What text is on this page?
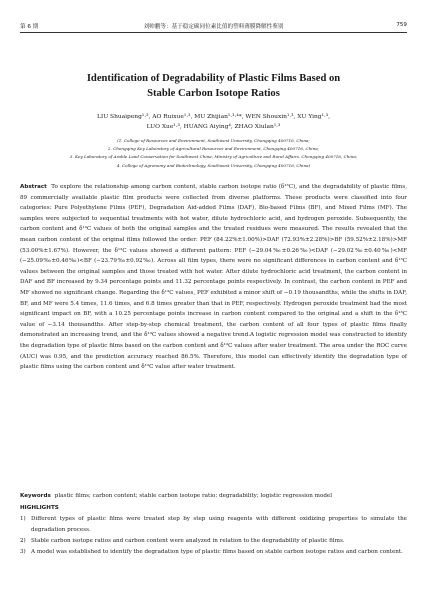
第 6 期	刘帅鹏等：基于稳定碳同位素比值的塑料薄膜降解性鉴别	759
Identification of Degradability of Plastic Films Based on
Stable Carbon Isotope Ratios
LIU Shuaipeng¹·³, AO Ruixue¹·³, MU Zhijian¹·³·⁴*, WEN Shouxin¹·³, XU Ying¹·³,
LUO Xue¹·³, HUANG Aiying⁴, ZHAO Xiulan¹·³
(1. College of Resources and Environment, Southwest University, Chongqing 400716, China;
2. Chongqing Key Laboratory of Agricultural Resources and Environment, Chongqing 400716, China;
3. Key Laboratory of Arable Land Conservation for Southwest China, Ministry of Agriculture and Rural Affairs, Chongqing 400716, China;
4. College of Agronomy and Biotechnology, Southwest University, Chongqing 400716, China)
Abstract To explore the relationship among carbon content, stable carbon isotope ratio (δ¹³C), and the degradability of plastic films, 89 commercially available plastic film products were collected from diverse platforms. These products were classified into four categories: Pure Polyethylene Films (PEF), Degradation Aid-added Films (DAF), Bio-based Films (BF), and Mixed Films (MF). The samples were subjected to sequential treatments with hot water, dilute hydrochloric acid, and hydrogen peroxide. Subsequently, the carbon content and δ¹³C values of both the original samples and the treated residues were measured. The results revealed that the mean carbon content of the original films followed the order: PEF (84.22%±1.00%)>DAF (72.93%±2.28%)>BF (59.52%±2.18%)>MF (53.00%±1.67%). However, the δ¹³C values showed a different pattern: PEF (−29.04‰±0.26‰)<DAF (−29.02‰±0.40‰)<MF (−25.09‰±0.46‰)<BF (−23.79‰±0.92‰). Across all film types, there were no significant differences in carbon content and δ¹³C values between the original samples and those treated with hot water. After dilute hydrochloric acid treatment, the carbon content in DAF and BF increased by 9.34 percentage points and 11.32 percentage points respectively. In contrast, the carbon content in PEF and MF showed no significant change. Regarding the δ¹³C values, PEF exhibited a minor shift of −0.19 thousandths, while the shifts in DAF, BF, and MF were 5.4 times, 11.6 times, and 6.8 times greater than that in PEF, respectively. Hydrogen peroxide treatment had the most significant impact on BF, with a 10.25 percentage points increase in carbon content compared to the original and a shift in the δ¹³C value of −3.14 thousandths. After step-by-step chemical treatment, the carbon content of all four types of plastic films finally demonstrated an increasing trend, and the δ¹³C values showed a negative trend.A logistic regression model was constructed to identify the degradation type of plastic films based on the carbon content and δ¹³C values after water treatment. The area under the ROC curve (AUC) was 0.95, and the prediction accuracy reached 86.5%. Therefore, this model can effectively identify the degradation type of plastic films using the carbon content and δ¹³C value after water treatment.
Keywords plastic films; carbon content; stable carbon isotope ratio; degradability; logistic regression model
HIGHLIGHTS
1) Different types of plastic films were treated step by step using reagents with different oxidizing properties to simulate the degradation process.
2) Stable carbon isotope ratios and carbon content were analyzed in relation to the degradability of plastic films.
3) A model was established to identify the degradation type of plastic films based on stable carbon isotope ratios and carbon content.
